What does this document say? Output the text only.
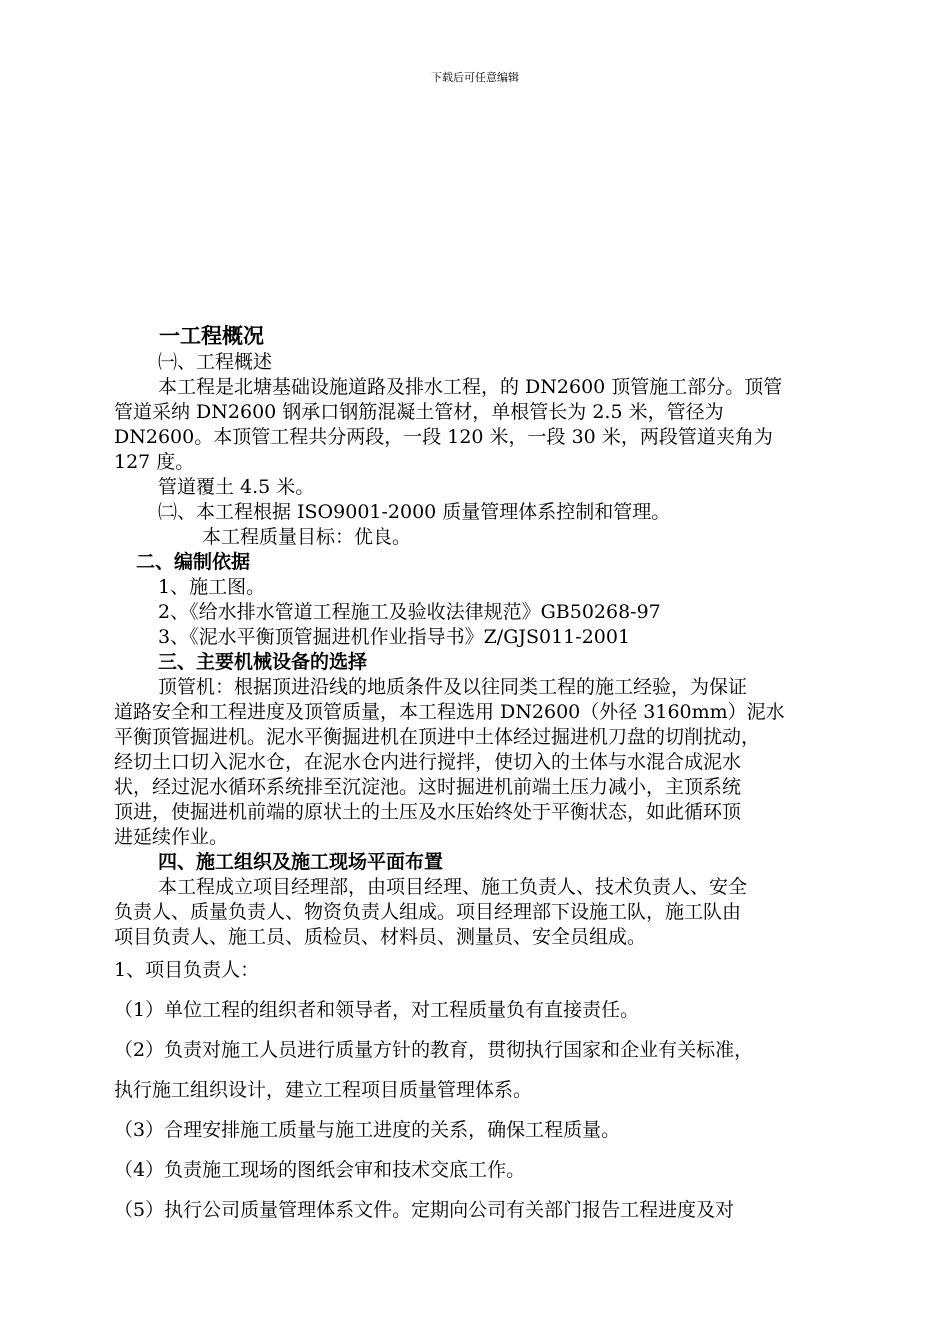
下载后可任意编辑

一工程概况

㈠、工程概述

本工程是北塘基础设施道路及排水工程，的 DN2600 顶管施工部分。顶管

管道采纳 DN2600 钢承口钢筋混凝土管材，单根管长为 2.5 米，管径为

DN2600。本顶管工程共分两段，一段 120 米，一段 30 米，两段管道夹角为

127 度。

管道覆土 4.5 米。

㈡、本工程根据 ISO9001-2000 质量管理体系控制和管理。

本工程质量目标：优良。

二、编制依据

1、施工图。

2、《给水排水管道工程施工及验收法律规范》GB50268-97

3、《泥水平衡顶管掘进机作业指导书》Z/GJS011-2001

三、主要机械设备的选择

顶管机：根据顶进沿线的地质条件及以往同类工程的施工经验，为保证

道路安全和工程进度及顶管质量，本工程选用 DN2600（外径 3160mm）泥水

平衡顶管掘进机。泥水平衡掘进机在顶进中土体经过掘进机刀盘的切削扰动，

经切土口切入泥水仓，在泥水仓内进行搅拌，使切入的土体与水混合成泥水

状，经过泥水循环系统排至沉淀池。这时掘进机前端土压力减小，主顶系统

顶进，使掘进机前端的原状土的土压及水压始终处于平衡状态，如此循环顶

进延续作业。

四、施工组织及施工现场平面布置

本工程成立项目经理部，由项目经理、施工负责人、技术负责人、安全

负责人、质量负责人、物资负责人组成。项目经理部下设施工队，施工队由

项目负责人、施工员、质检员、材料员、测量员、安全员组成。

1、项目负责人：

（1）单位工程的组织者和领导者，对工程质量负有直接责任。

（2）负责对施工人员进行质量方针的教育，贯彻执行国家和企业有关标准，

执行施工组织设计，建立工程项目质量管理体系。

（3）合理安排施工质量与施工进度的关系，确保工程质量。

（4）负责施工现场的图纸会审和技术交底工作。

（5）执行公司质量管理体系文件。定期向公司有关部门报告工程进度及对
